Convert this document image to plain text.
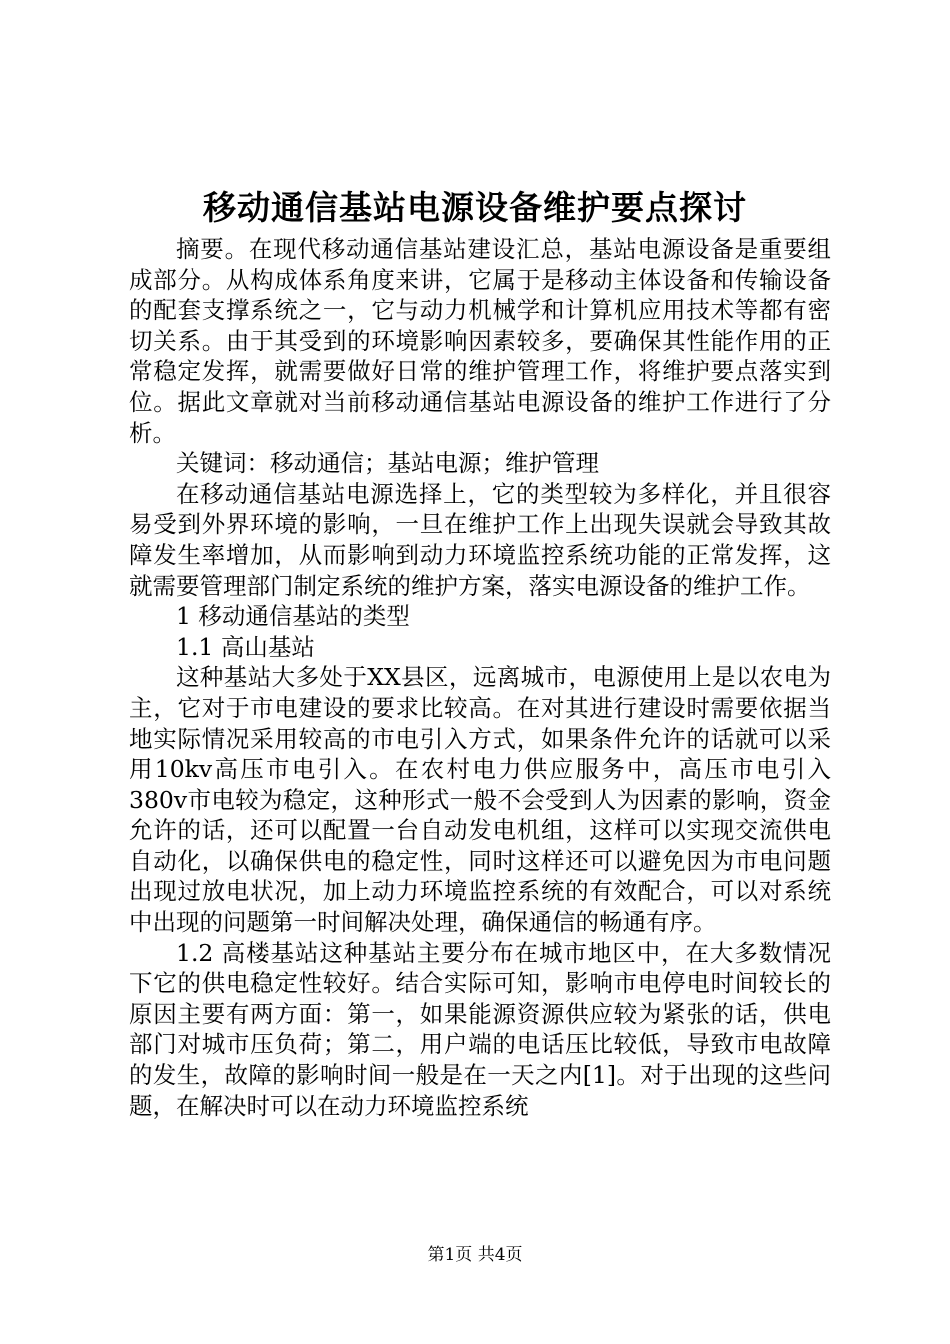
移动通信基站电源设备维护要点探讨

摘要。在现代移动通信基站建设汇总，基站电源设备是重要组成部分。从构成体系角度来讲，它属于是移动主体设备和传输设备的配套支撑系统之一，它与动力机械学和计算机应用技术等都有密切关系。由于其受到的环境影响因素较多，要确保其性能作用的正常稳定发挥，就需要做好日常的维护管理工作，将维护要点落实到位。据此文章就对当前移动通信基站电源设备的维护工作进行了分析。

关键词：移动通信；基站电源；维护管理

在移动通信基站电源选择上，它的类型较为多样化，并且很容易受到外界环境的影响，一旦在维护工作上出现失误就会导致其故障发生率增加，从而影响到动力环境监控系统功能的正常发挥，这就需要管理部门制定系统的维护方案，落实电源设备的维护工作。

1 移动通信基站的类型

1.1 高山基站

这种基站大多处于XX县区，远离城市，电源使用上是以农电为主，它对于市电建设的要求比较高。在对其进行建设时需要依据当地实际情况采用较高的市电引入方式，如果条件允许的话就可以采用10kv高压市电引入。在农村电力供应服务中，高压市电引入380v市电较为稳定，这种形式一般不会受到人为因素的影响，资金允许的话，还可以配置一台自动发电机组，这样可以实现交流供电自动化，以确保供电的稳定性，同时这样还可以避免因为市电问题出现过放电状况，加上动力环境监控系统的有效配合，可以对系统中出现的问题第一时间解决处理，确保通信的畅通有序。

1.2 高楼基站这种基站主要分布在城市地区中，在大多数情况下它的供电稳定性较好。结合实际可知，影响市电停电时间较长的原因主要有两方面：第一，如果能源资源供应较为紧张的话，供电部门对城市压负荷；第二，用户端的电话压比较低，导致市电故障的发生，故障的影响时间一般是在一天之内[1]。对于出现的这些问题，在解决时可以在动力环境监控系统

第1页 共4页
